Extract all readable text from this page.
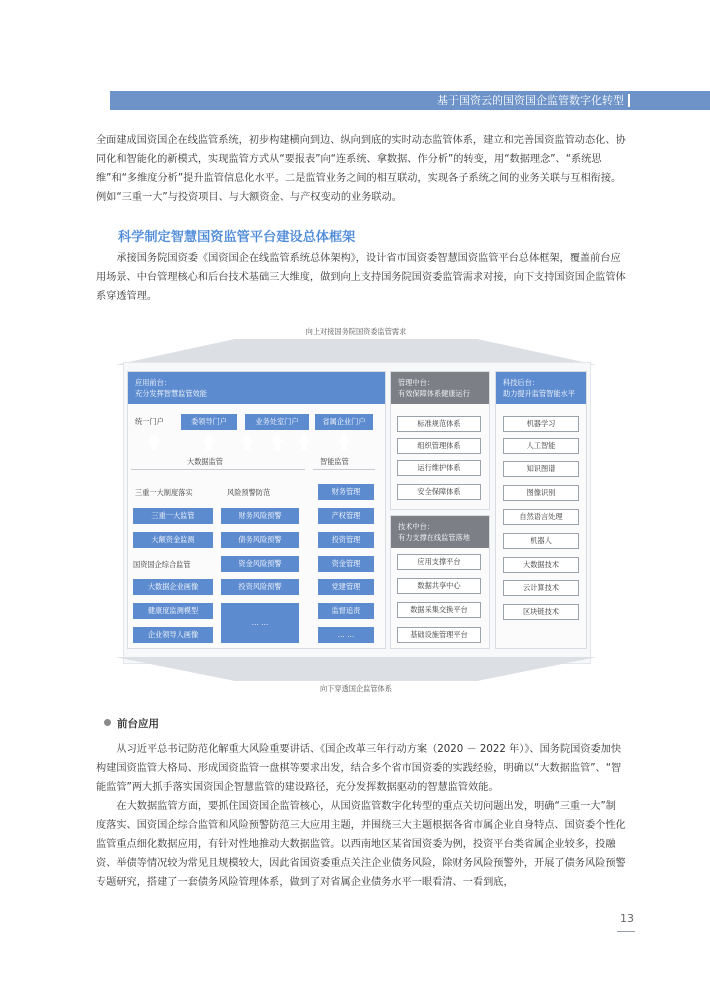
基于国资云的国资国企监管数字化转型

全面建成国资国企在线监管系统，初步构建横向到边、纵向到底的实时动态监管体系，建立和完善国资监管动态化、协同化和智能化的新模式，实现监管方式从“要报表”向“连系统、拿数据、作分析”的转变，用“数据理念”、“系统思维”和“多维度分析”提升监管信息化水平。二是监管业务之间的相互联动，实现各子系统之间的业务关联与互相衔接。例如“三重一大”与投资项目、与大额资金、与产权变动的业务联动。

科学制定智慧国资监管平台建设总体框架

承接国务院国资委《国资国企在线监管系统总体架构》，设计省市国资委智慧国资监管平台总体框架，覆盖前台应用场景、中台管理核心和后台技术基础三大维度，做到向上支持国务院国资委监管需求对接，向下支持国资国企监管体系穿透管理。

向上对接国务院国资委监管需求
应用前台：
充分发挥智慧监管效能
统一门户	委领导门户	业务处室门户	省属企业门户
大数据监管	智能监管
三重一大制度落实
三重一大监管
大额资金监测
国资国企综合监管
大数据企业画像
健康度监测模型
企业领导人画像
风险预警防范
财务风险预警
债务风险预警
资金风险预警
投资风险预警
… …
财务管理
产权管理
投资管理
资金管理
党建管理
监督追责
… …
管理中台：
有效保障体系健康运行
标准规范体系
组织管理体系
运行维护体系
安全保障体系
技术中台：
有力支撑在线监管落地
应用支撑平台
数据共享中心
数据采集交换平台
基础设施管理平台
科技后台：
助力提升监管智能水平
机器学习
人工智能
知识图谱
图像识别
自然语言处理
机器人
大数据技术
云计算技术
区块链技术
向下穿透国企监管体系
前台应用

从习近平总书记防范化解重大风险重要讲话、《国企改革三年行动方案（2020 － 2022 年）》、国务院国资委加快构建国资监管大格局、形成国资监管一盘棋等要求出发，结合多个省市国资委的实践经验，明确以“大数据监管”、“智能监管”两大抓手落实国资国企智慧监管的建设路径，充分发挥数据驱动的智慧监管效能。

在大数据监管方面，要抓住国资国企监管核心，从国资监管数字化转型的重点关切问题出发，明确“三重一大”制度落实、国资国企综合监管和风险预警防范三大应用主题，并围绕三大主题根据各省市属企业自身特点、国资委个性化监管重点细化数据应用，有针对性地推动大数据监管。以西南地区某省国资委为例，投资平台类省属企业较多，投融资、举债等情况较为常见且规模较大，因此省国资委重点关注企业债务风险，除财务风险预警外，开展了债务风险预警专题研究，搭建了一套债务风险管理体系，做到了对省属企业债务水平一眼看清、一看到底，

13
